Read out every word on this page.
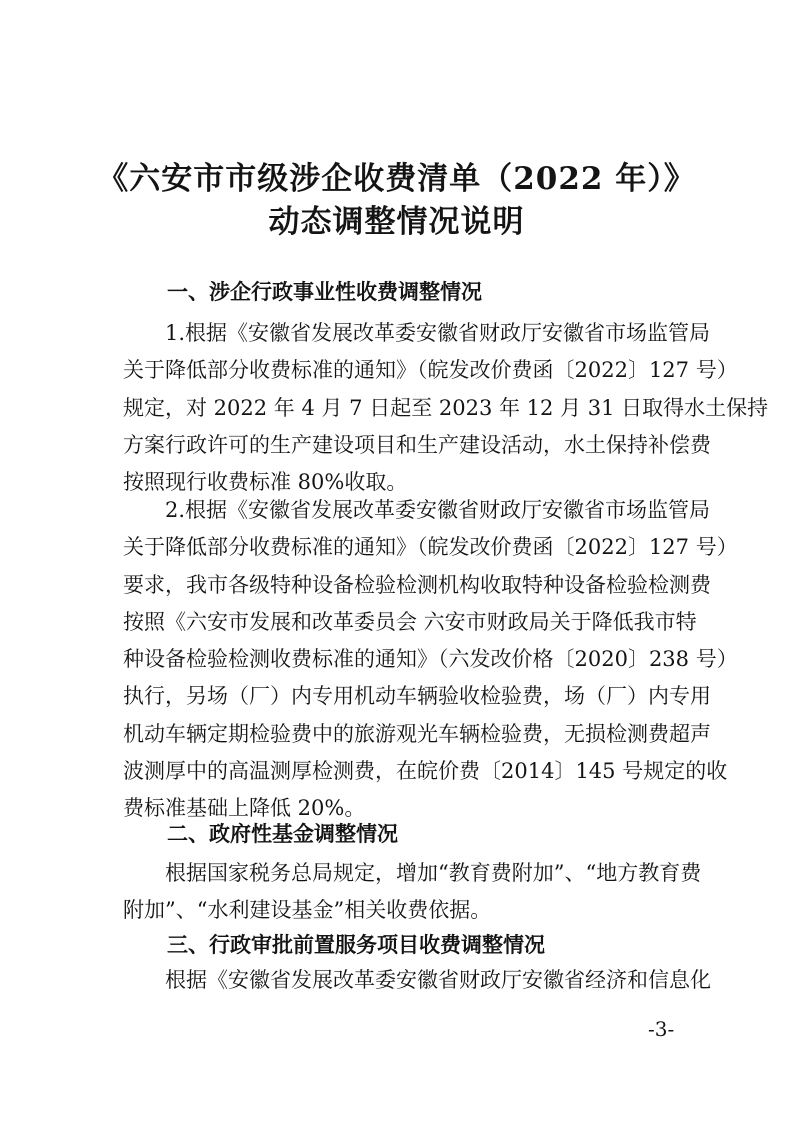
《六安市市级涉企收费清单（2022 年）》
动态调整情况说明
一、涉企行政事业性收费调整情况
1.根据《安徽省发展改革委安徽省财政厅安徽省市场监管局
关于降低部分收费标准的通知》（皖发改价费函〔2022〕127 号）
规定，对 2022 年 4 月 7 日起至 2023 年 12 月 31 日取得水土保持
方案行政许可的生产建设项目和生产建设活动，水土保持补偿费
按照现行收费标准 80%收取。
2.根据《安徽省发展改革委安徽省财政厅安徽省市场监管局
关于降低部分收费标准的通知》（皖发改价费函〔2022〕127 号）
要求，我市各级特种设备检验检测机构收取特种设备检验检测费
按照《六安市发展和改革委员会 六安市财政局关于降低我市特
种设备检验检测收费标准的通知》（六发改价格〔2020〕238 号）
执行，另场（厂）内专用机动车辆验收检验费，场（厂）内专用
机动车辆定期检验费中的旅游观光车辆检验费，无损检测费超声
波测厚中的高温测厚检测费，在皖价费〔2014〕145 号规定的收
费标准基础上降低 20%。
二、政府性基金调整情况
根据国家税务总局规定，增加“教育费附加”、“地方教育费
附加”、“水利建设基金”相关收费依据。
三、行政审批前置服务项目收费调整情况
根据《安徽省发展改革委安徽省财政厅安徽省经济和信息化
-3-
